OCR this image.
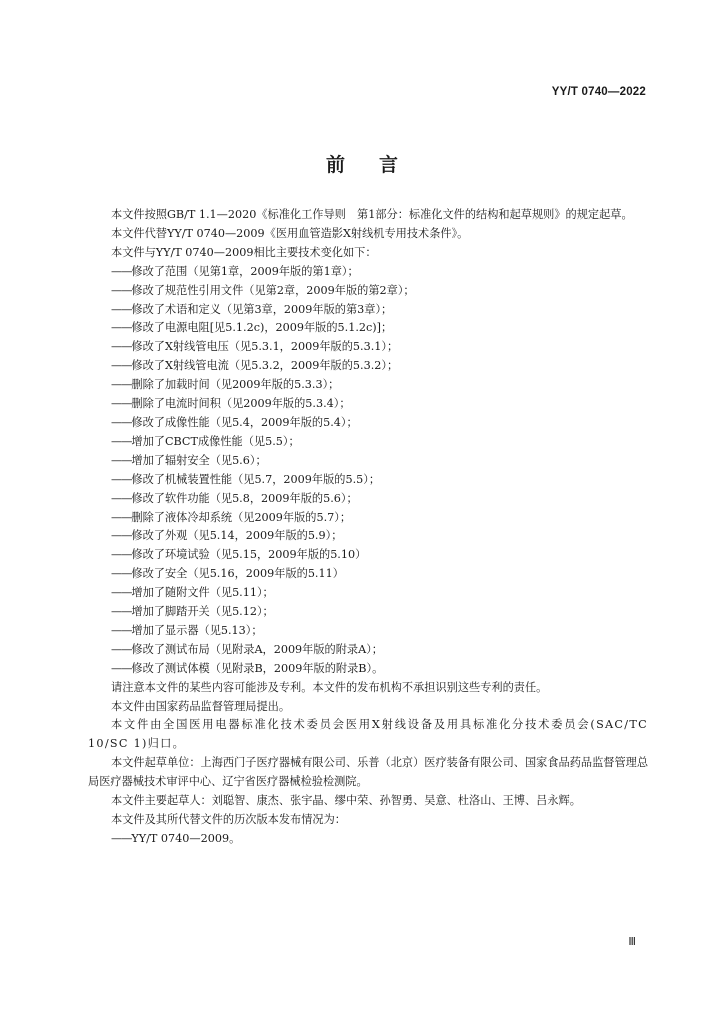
YY/T 0740—2022
前言

本文件按照GB/T 1.1—2020《标准化工作导则　第1部分：标准化文件的结构和起草规则》的规定起草。

本文件代替YY/T 0740—2009《医用血管造影X射线机专用技术条件》。

本文件与YY/T 0740—2009相比主要技术变化如下：

——修改了范围（见第1章，2009年版的第1章）；

——修改了规范性引用文件（见第2章，2009年版的第2章）；

——修改了术语和定义（见第3章，2009年版的第3章）；

——修改了电源电阻[见5.1.2c)，2009年版的5.1.2c)]；

——修改了X射线管电压（见5.3.1，2009年版的5.3.1）；

——修改了X射线管电流（见5.3.2，2009年版的5.3.2）；

——删除了加载时间（见2009年版的5.3.3）；

——删除了电流时间积（见2009年版的5.3.4）；

——修改了成像性能（见5.4，2009年版的5.4）；

——增加了CBCT成像性能（见5.5）；

——增加了辐射安全（见5.6）；

——修改了机械装置性能（见5.7，2009年版的5.5）；

——修改了软件功能（见5.8，2009年版的5.6）；

——删除了液体冷却系统（见2009年版的5.7）；

——修改了外观（见5.14，2009年版的5.9）；

——修改了环境试验（见5.15，2009年版的5.10）

——修改了安全（见5.16，2009年版的5.11）

——增加了随附文件（见5.11）；

——增加了脚踏开关（见5.12）；

——增加了显示器（见5.13）；

——修改了测试布局（见附录A，2009年版的附录A）；

——修改了测试体模（见附录B，2009年版的附录B）。

请注意本文件的某些内容可能涉及专利。本文件的发布机构不承担识别这些专利的责任。

本文件由国家药品监督管理局提出。

本文件由全国医用电器标准化技术委员会医用X射线设备及用具标准化分技术委员会(SAC/TC 10/SC 1)归口。

本文件起草单位：上海西门子医疗器械有限公司、乐普（北京）医疗装备有限公司、国家食品药品监督管理总局医疗器械技术审评中心、辽宁省医疗器械检验检测院。

本文件主要起草人：刘聪智、康杰、张宇晶、缪中荣、孙智勇、吴意、杜洛山、王博、吕永辉。

本文件及其所代替文件的历次版本发布情况为：

——YY/T 0740—2009。

Ⅲ
